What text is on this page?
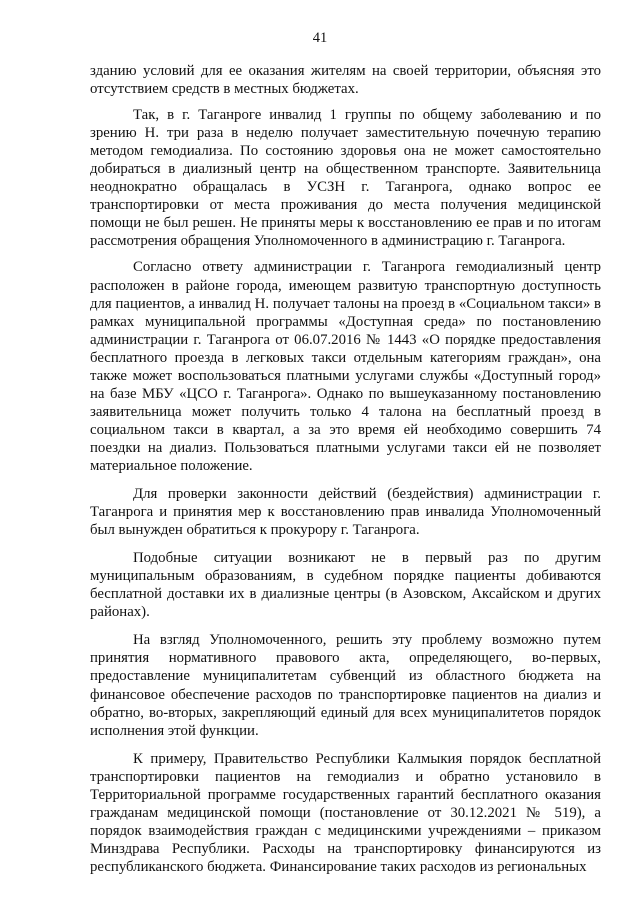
41

зданию условий для ее оказания жителям на своей территории, объясняя это отсутствием средств в местных бюджетах.

Так, в г. Таганроге инвалид 1 группы по общему заболеванию и по зрению Н. три раза в неделю получает заместительную почечную терапию методом гемодиализа. По состоянию здоровья она не может самостоятельно добираться в диализный центр на общественном транспорте. Заявительница неоднократно обращалась в УСЗН г. Таганрога, однако вопрос ее транспортировки от места проживания до места получения медицинской помощи не был решен. Не приняты меры к восстановлению ее прав и по итогам рассмотрения обращения Уполномоченного в администрацию г. Таганрога.

Согласно ответу администрации г. Таганрога гемодиализный центр расположен в районе города, имеющем развитую транспортную доступность для пациентов, а инвалид Н. получает талоны на проезд в «Социальном такси» в рамках муниципальной программы «Доступная среда» по постановлению администрации г. Таганрога от 06.07.2016 № 1443 «О порядке предоставления бесплатного проезда в легковых такси отдельным категориям граждан», она также может воспользоваться платными услугами службы «Доступный город» на базе МБУ «ЦСО г. Таганрога». Однако по вышеуказанному постановлению заявительница может получить только 4 талона на бесплатный проезд в социальном такси в квартал, а за это время ей необходимо совершить 74 поездки на диализ. Пользоваться платными услугами такси ей не позволяет материальное положение.

Для проверки законности действий (бездействия) администрации г. Таганрога и принятия мер к восстановлению прав инвалида Уполномоченный был вынужден обратиться к прокурору г. Таганрога.

Подобные ситуации возникают не в первый раз по другим муниципальным образованиям, в судебном порядке пациенты добиваются бесплатной доставки их в диализные центры (в Азовском, Аксайском и других районах).

На взгляд Уполномоченного, решить эту проблему возможно путем принятия нормативного правового акта, определяющего, во-первых, предоставление муниципалитетам субвенций из областного бюджета на финансовое обеспечение расходов по транспортировке пациентов на диализ и обратно, во-вторых, закрепляющий единый для всех муниципалитетов порядок исполнения этой функции.

К примеру, Правительство Республики Калмыкия порядок бесплатной транспортировки пациентов на гемодиализ и обратно установило в Территориальной программе государственных гарантий бесплатного оказания гражданам медицинской помощи (постановление от 30.12.2021 № 519), а порядок взаимодействия граждан с медицинскими учреждениями – приказом Минздрава Республики. Расходы на транспортировку финансируются из республиканского бюджета. Финансирование таких расходов из региональных
